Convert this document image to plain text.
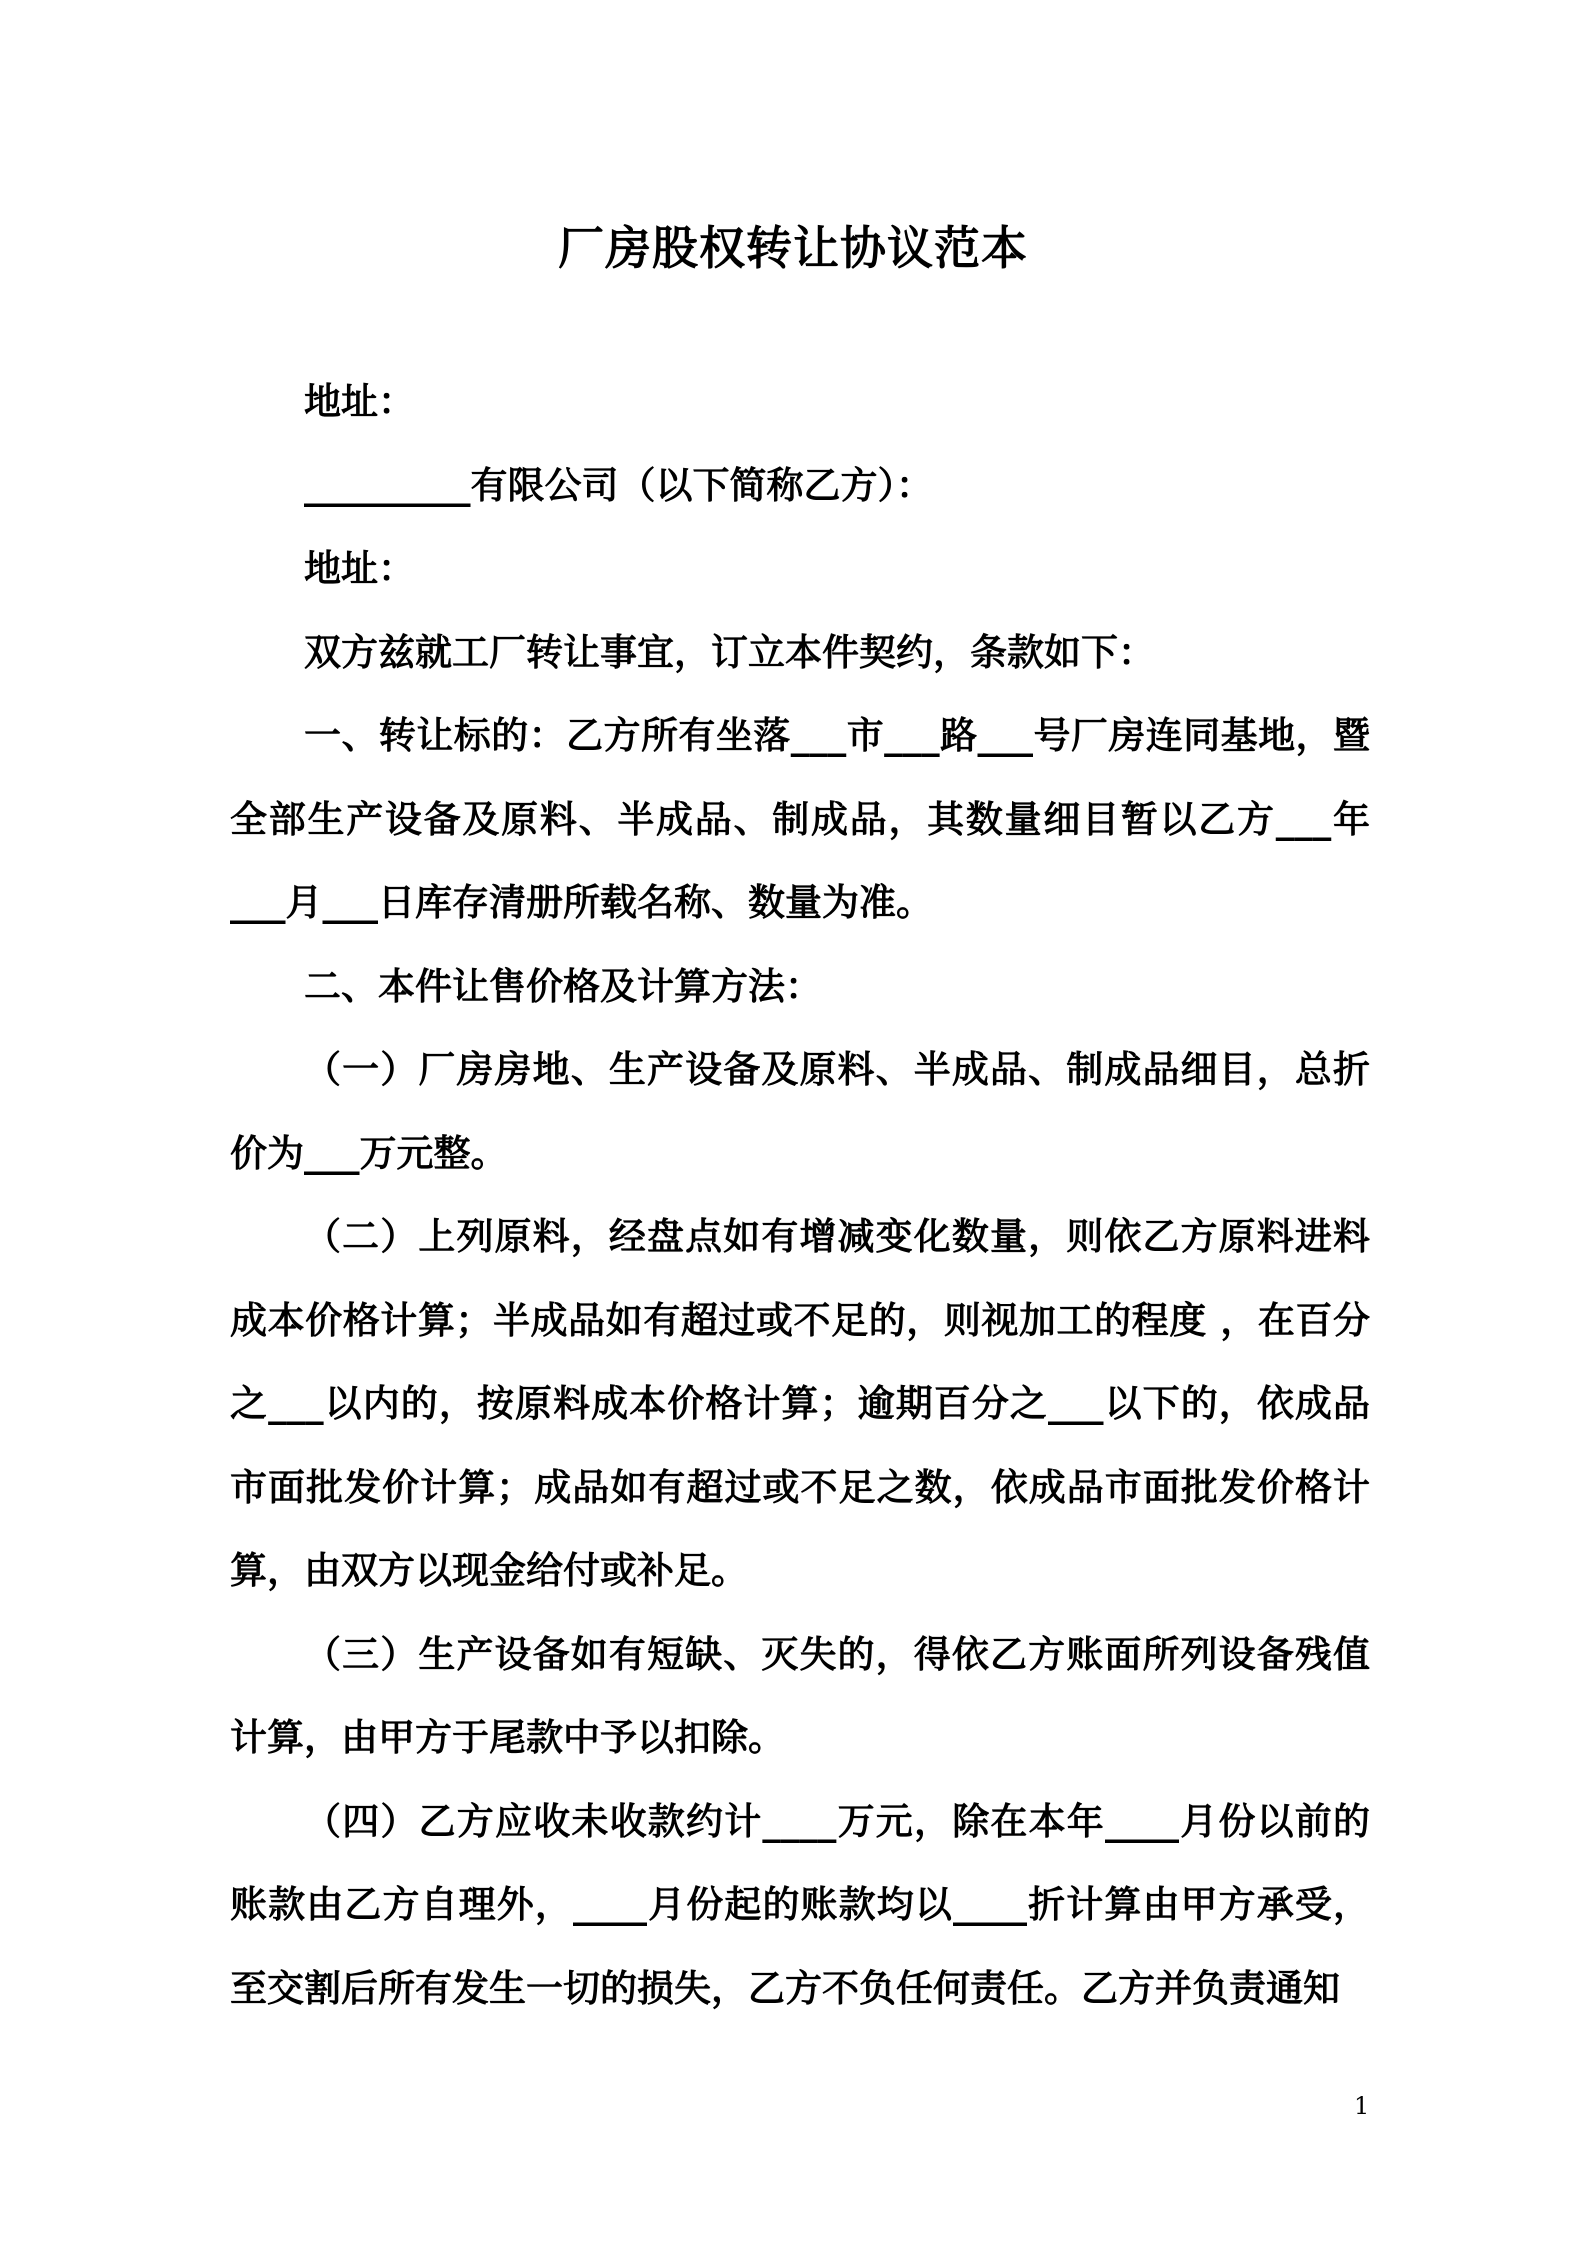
厂房股权转让协议范本

地址：

_________有限公司（以下简称乙方）：

地址：

双方兹就工厂转让事宜，订立本件契约，条款如下：

一、转让标的：乙方所有坐落___市___路___号厂房连同基地，暨全部生产设备及原料、半成品、制成品，其数量细目暂以乙方___年___月___日库存清册所载名称、数量为准。

二、本件让售价格及计算方法：

（一）厂房房地、生产设备及原料、半成品、制成品细目，总折价为___万元整。

（二）上列原料，经盘点如有增减变化数量，则依乙方原料进料成本价格计算；半成品如有超过或不足的，则视加工的程度 ，在百分之___以内的，按原料成本价格计算；逾期百分之___以下的，依成品市面批发价计算；成品如有超过或不足之数，依成品市面批发价格计算，由双方以现金给付或补足。

（三）生产设备如有短缺、灭失的，得依乙方账面所列设备残值计算，由甲方于尾款中予以扣除。

（四）乙方应收未收款约计____万元，除在本年____月份以前的账款由乙方自理外，____月份起的账款均以____折计算由甲方承受，至交割后所有发生一切的损失，乙方不负任何责任。乙方并负责通知

1
